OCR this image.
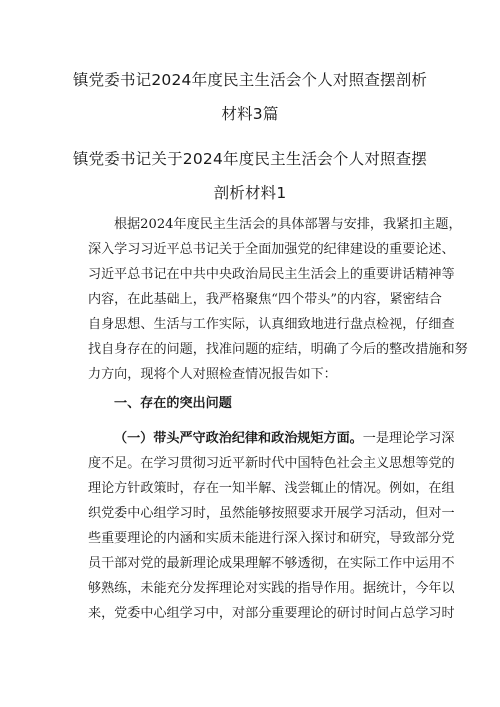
镇党委书记2024年度民主生活会个人对照查摆剖析
材料3篇
镇党委书记关于2024年度民主生活会个人对照查摆
剖析材料1
根据2024年度民主生活会的具体部署与安排，我紧扣主题，
深入学习习近平总书记关于全面加强党的纪律建设的重要论述、
习近平总书记在中共中央政治局民主生活会上的重要讲话精神等
内容，在此基础上，我严格聚焦“四个带头”的内容，紧密结合
自身思想、生活与工作实际，认真细致地进行盘点检视，仔细查
找自身存在的问题，找准问题的症结，明确了今后的整改措施和努
力方向，现将个人对照检查情况报告如下：
一、存在的突出问题
（一）带头严守政治纪律和政治规矩方面。一是理论学习深
度不足。在学习贯彻习近平新时代中国特色社会主义思想等党的
理论方针政策时，存在一知半解、浅尝辄止的情况。例如，在组
织党委中心组学习时，虽然能够按照要求开展学习活动，但对一
些重要理论的内涵和实质未能进行深入探讨和研究，导致部分党
员干部对党的最新理论成果理解不够透彻，在实际工作中运用不
够熟练，未能充分发挥理论对实践的指导作用。据统计，今年以
来，党委中心组学习中，对部分重要理论的研讨时间占总学习时
